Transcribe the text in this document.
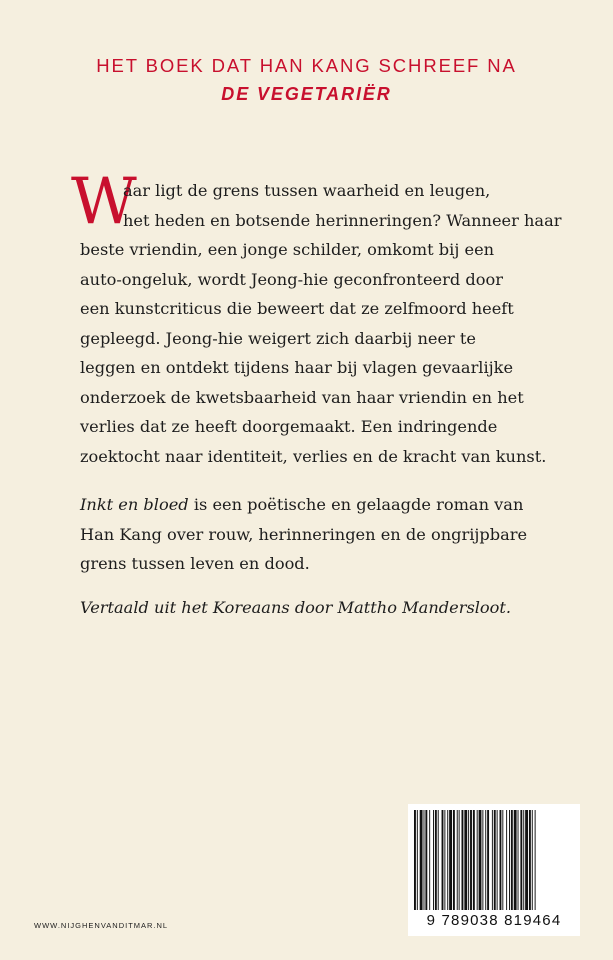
HET BOEK DAT HAN KANG SCHREEF NA
DE VEGETARIËR
W
aar ligt de grens tussen waarheid en leugen,
het heden en botsende herinneringen? Wanneer haar
beste vriendin, een jonge schilder, omkomt bij een
auto-ongeluk, wordt Jeong-hie geconfronteerd door
een kunstcriticus die beweert dat ze zelfmoord heeft
gepleegd. Jeong-hie weigert zich daarbij neer te
leggen en ontdekt tijdens haar bij vlagen gevaarlijke
onderzoek de kwetsbaarheid van haar vriendin en het
verlies dat ze heeft doorgemaakt. Een indringende
zoektocht naar identiteit, verlies en de kracht van kunst.
Inkt en bloed is een poëtische en gelaagde roman van
Han Kang over rouw, herinneringen en de ongrijpbare
grens tussen leven en dood.
Vertaald uit het Koreaans door Mattho Mandersloot.
WWW.NIJGHENVANDITMAR.NL	9 789038 819464
